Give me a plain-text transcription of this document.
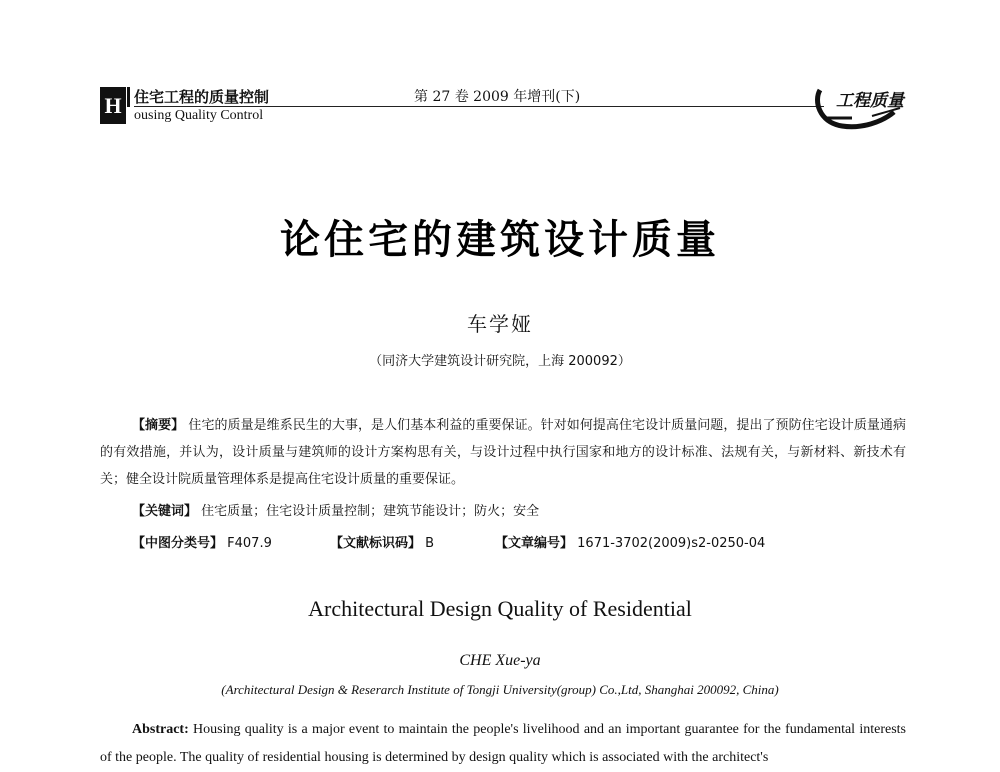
H 住宅工程的质量控制
ousing Quality Control
第 27 卷 2009 年增刊(下)	工程质量
论住宅的建筑设计质量
车学娅
（同济大学建筑设计研究院，上海 200092）
【摘要】 住宅的质量是维系民生的大事，是人们基本利益的重要保证。针对如何提高住宅设计质量问题，提出了预防住宅设计质量通病的有效措施，并认为，设计质量与建筑师的设计方案构思有关，与设计过程中执行国家和地方的设计标准、法规有关，与新材料、新技术有关；健全设计院质量管理体系是提高住宅设计质量的重要保证。
【关键词】 住宅质量；住宅设计质量控制；建筑节能设计；防火；安全
【中图分类号】 F407.9	【文献标识码】 B	【文章编号】 1671-3702(2009)s2-0250-04
Architectural Design Quality of Residential
CHE Xue-ya
(Architectural Design & Reserarch Institute of Tongji University(group) Co.,Ltd, Shanghai 200092, China)
Abstract: Housing quality is a major event to maintain the people's livelihood and an important guarantee for the fundamental interests of the people. The quality of residential housing is determined by design quality which is associated with the architect's
